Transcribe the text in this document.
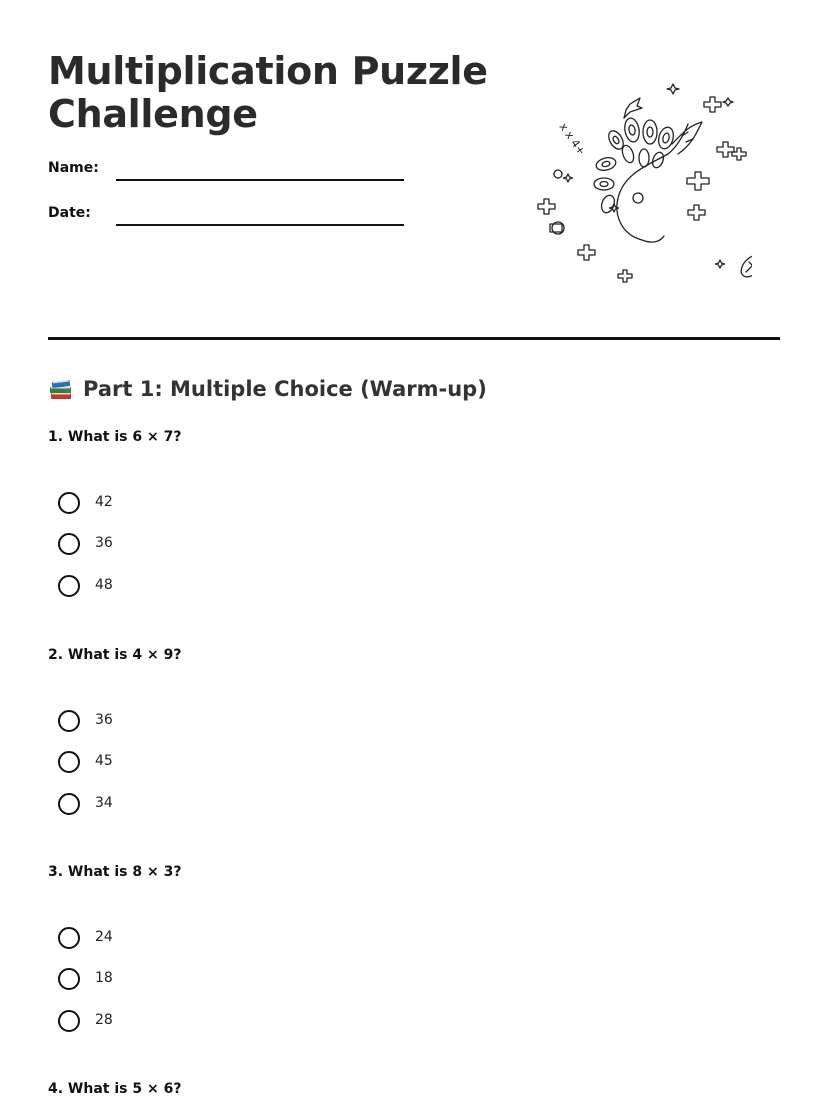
Multiplication Puzzle
Challenge
Name:
Date:
x x 4+
Part 1: Multiple Choice (Warm-up)
1. What is 6 × 7?
42
36
48
2. What is 4 × 9?
36
45
34
3. What is 8 × 3?
24
18
28
4. What is 5 × 6?
